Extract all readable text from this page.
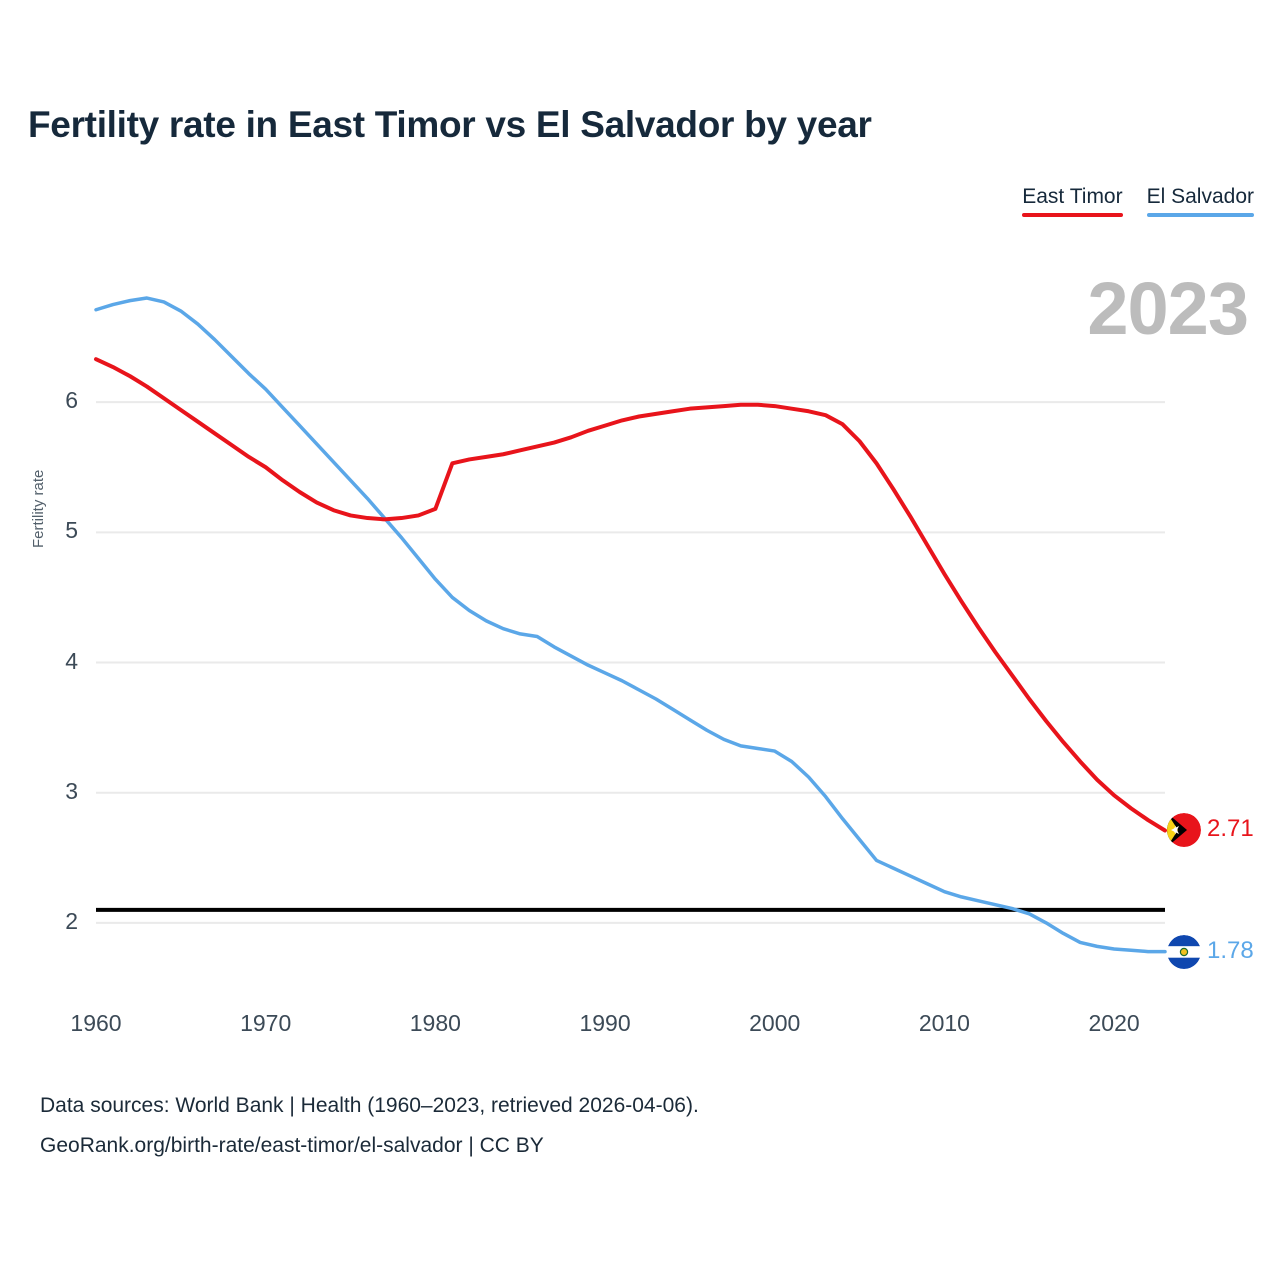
Fertility rate in East Timor vs El Salvador by year
East Timor El Salvador
2023
Fertility rate
2
3
4
5
6
1960	1970	1980	1990	2000	2010	2020
2.71
1.78
Data sources: World Bank | Health (1960–2023, retrieved 2026-04-06).
GeoRank.org/birth-rate/east-timor/el-salvador | CC BY
